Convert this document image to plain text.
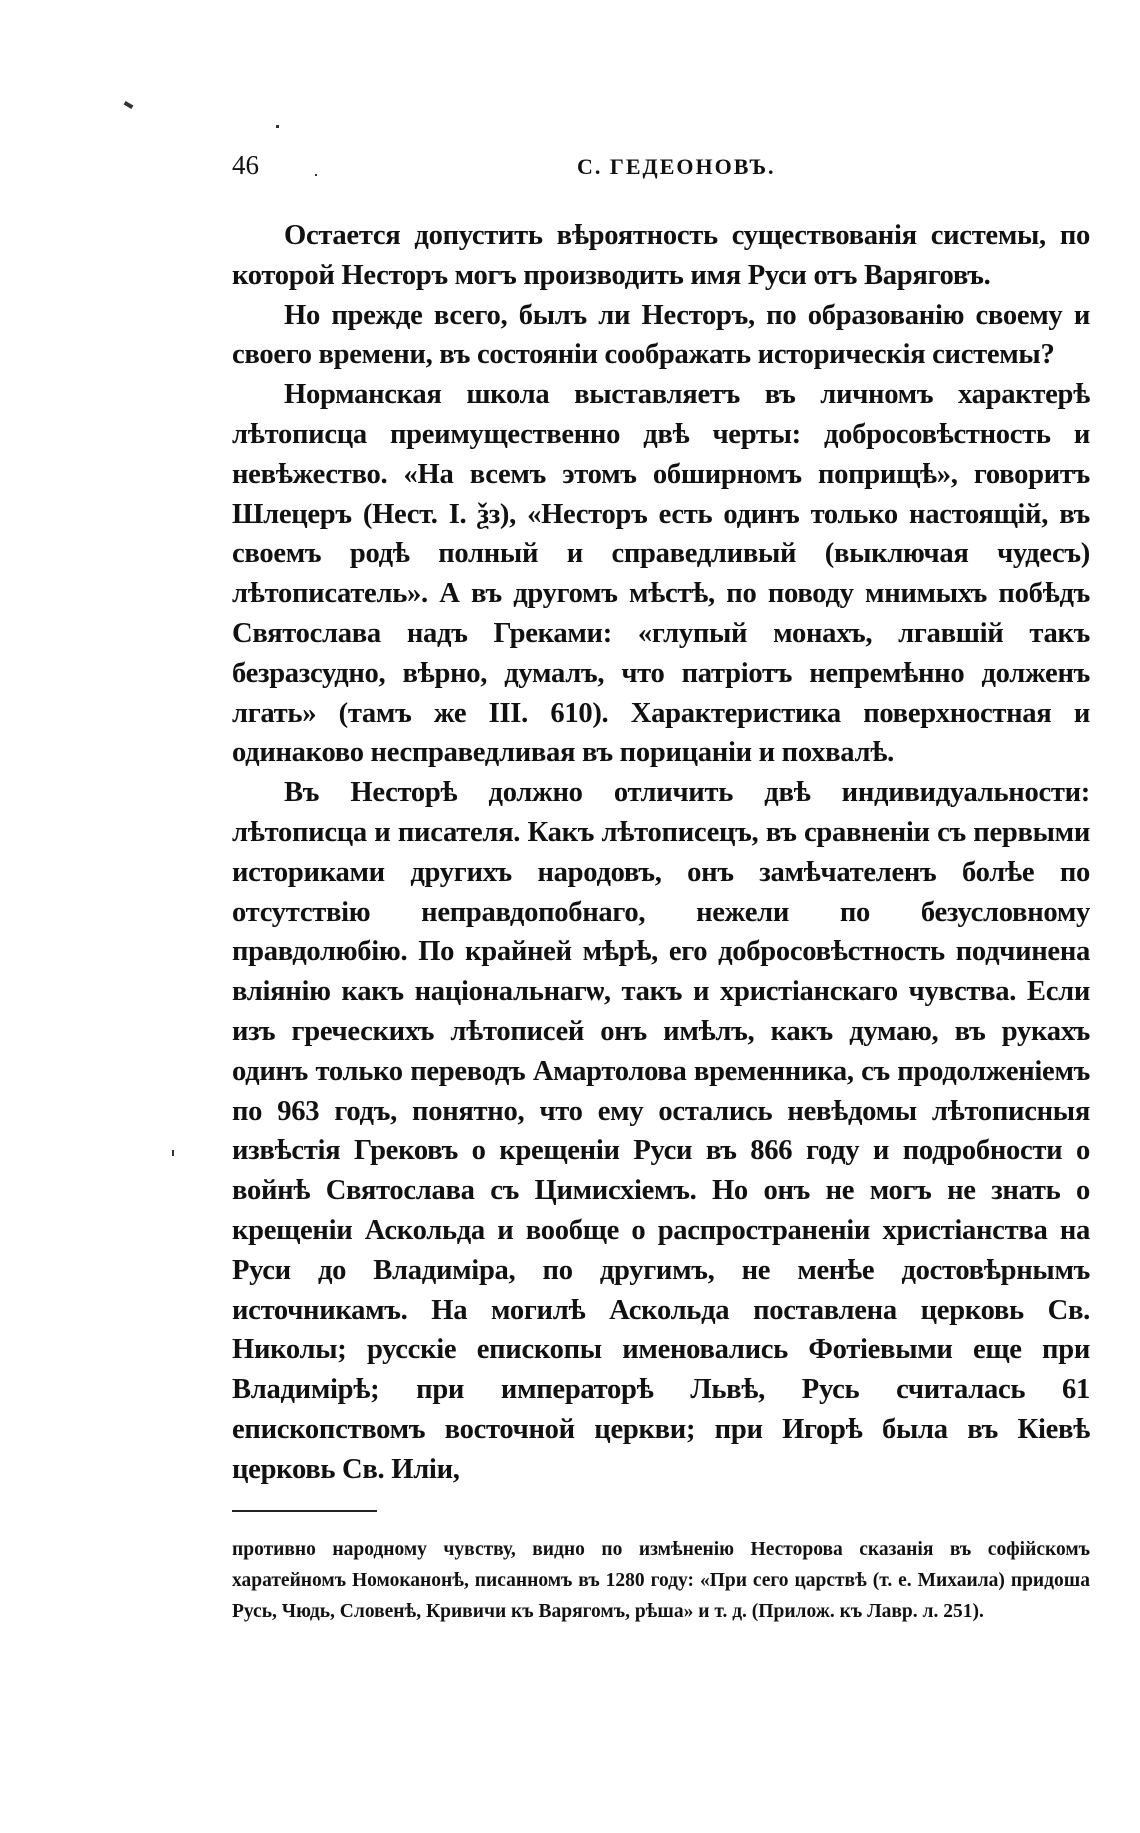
46	С. ГЕДЕОНОВЪ.

Остается допустить вѣроятность существованія системы, по которой Несторъ могъ производить имя Руси отъ Варяговъ.

Но прежде всего, былъ ли Несторъ, по образованію своему и своего времени, въ состояніи соображать историческія системы?

Норманская школа выставляетъ въ личномъ характерѣ лѣтописца преимущественно двѣ черты: добросовѣстность и невѣжество. «На всемъ этомъ обширномъ поприщѣ», говоритъ Шлецеръ (Нест. I. ѯз), «Несторъ есть одинъ только настоящій, въ своемъ родѣ полный и справедливый (выключая чудесъ) лѣтописатель». А въ другомъ мѣстѣ, по поводу мнимыхъ побѣдъ Святослава надъ Греками: «глупый монахъ, лгавшій такъ безразсудно, вѣрно, думалъ, что патріотъ непремѣнно долженъ лгать» (тамъ же III. 610). Характеристика поверхностная и одинаково несправедливая въ порицаніи и похвалѣ.

Въ Несторѣ должно отличить двѣ индивидуальности: лѣтописца и писателя. Какъ лѣтописецъ, въ сравненіи съ первыми историками другихъ народовъ, онъ замѣчателенъ болѣе по отсутствію неправдопобнаго, нежели по безусловному правдолюбію. По крайней мѣрѣ, его добросовѣстность подчинена вліянію какъ національнагѡ, такъ и христіанскаго чувства. Если изъ греческихъ лѣтописей онъ имѣлъ, какъ думаю, въ рукахъ одинъ только переводъ Амартолова временника, съ продолженіемъ по 963 годъ, понятно, что ему остались невѣдомы лѣтописныя извѣстія Грековъ о крещеніи Руси въ 866 году и подробности о войнѣ Святослава съ Цимисхіемъ. Но онъ не могъ не знать о крещеніи Аскольда и вообще о распространеніи христіанства на Руси до Владиміра, по другимъ, не менѣе достовѣрнымъ источникамъ. На могилѣ Аскольда поставлена церковь Св. Николы; русскіе епископы именовались Фотіевыми еще при Владимірѣ; при императорѣ Львѣ, Русь считалась 61 епископствомъ восточной церкви; при Игорѣ была въ Кіевѣ церковь Св. Иліи,

противно народному чувству, видно по измѣненію Несторова сказанія въ софійскомъ харатейномъ Номоканонѣ, писанномъ въ 1280 году: «При сего царствѣ (т. е. Михаила) придоша Русь, Чюдь, Словенѣ, Кривичи къ Варягомъ, рѣша» и т. д. (Прилож. къ Лавр. л. 251).
